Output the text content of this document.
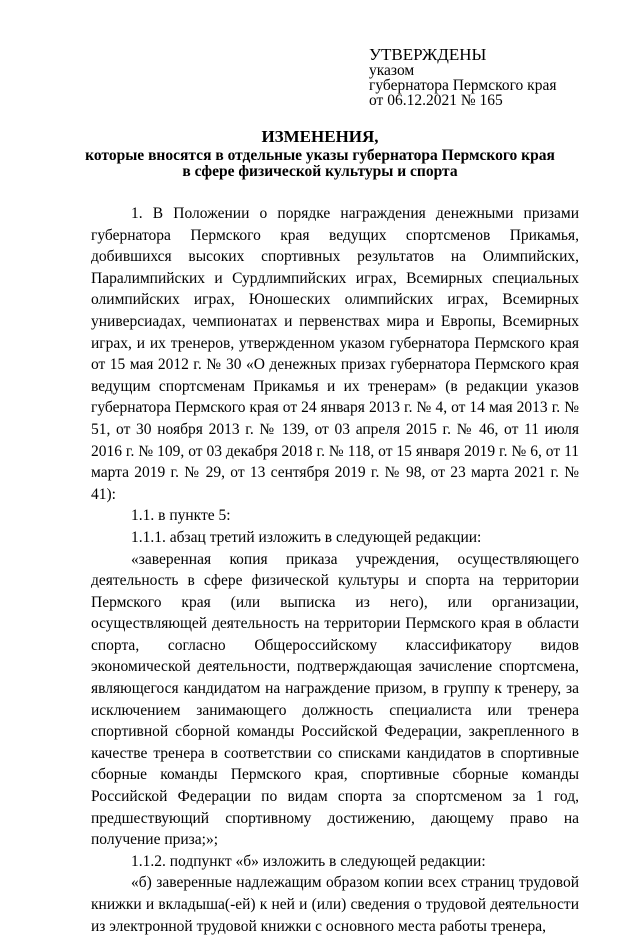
УТВЕРЖДЕНЫ
указом
губернатора Пермского края
от 06.12.2021 № 165
ИЗМЕНЕНИЯ,
которые вносятся в отдельные указы губернатора Пермского края
в сфере физической культуры и спорта

1. В Положении о порядке награждения денежными призами губернатора Пермского края ведущих спортсменов Прикамья, добившихся высоких спортивных результатов на Олимпийских, Паралимпийских и Сурдлимпийских играх, Всемирных специальных олимпийских играх, Юношеских олимпийских играх, Всемирных универсиадах, чемпионатах и первенствах мира и Европы, Всемирных играх, и их тренеров, утвержденном указом губернатора Пермского края от 15 мая 2012 г. № 30 «О денежных призах губернатора Пермского края ведущим спортсменам Прикамья и их тренерам» (в редакции указов губернатора Пермского края от 24 января 2013 г. № 4, от 14 мая 2013 г. № 51, от 30 ноября 2013 г. № 139, от 03 апреля 2015 г. № 46, от 11 июля 2016 г. № 109, от 03 декабря 2018 г. № 118, от 15 января 2019 г. № 6, от 11 марта 2019 г. № 29, от 13 сентября 2019 г. № 98, от 23 марта 2021 г. № 41):

1.1. в пункте 5:

1.1.1. абзац третий изложить в следующей редакции:

«заверенная копия приказа учреждения, осуществляющего деятельность в сфере физической культуры и спорта на территории Пермского края (или выписка из него), или организации, осуществляющей деятельность на территории Пермского края в области спорта, согласно Общероссийскому классификатору видов экономической деятельности, подтверждающая зачисление спортсмена, являющегося кандидатом на награждение призом, в группу к тренеру, за исключением занимающего должность специалиста или тренера спортивной сборной команды Российской Федерации, закрепленного в качестве тренера в соответствии со списками кандидатов в спортивные сборные команды Пермского края, спортивные сборные команды Российской Федерации по видам спорта за спортсменом за 1 год, предшествующий спортивному достижению, дающему право на получение приза;»;

1.1.2. подпункт «б» изложить в следующей редакции:

«б) заверенные надлежащим образом копии всех страниц трудовой книжки и вкладыша(-ей) к ней и (или) сведения о трудовой деятельности из электронной трудовой книжки с основного места работы тренера,
